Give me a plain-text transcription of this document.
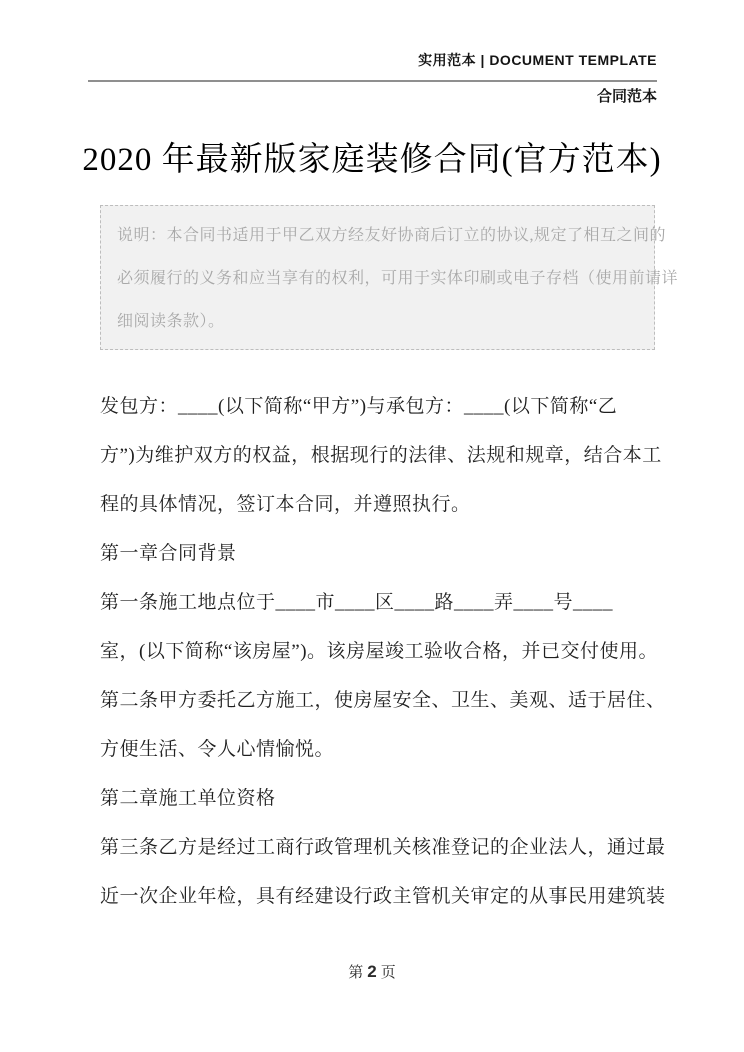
实用范本 | DOCUMENT TEMPLATE
合同范本
2020 年最新版家庭装修合同(官方范本)
说明：本合同书适用于甲乙双方经友好协商后订立的协议,规定了相互之间的
必须履行的义务和应当享有的权利，可用于实体印刷或电子存档（使用前请详
细阅读条款）。
发包方：____(以下简称“甲方”)与承包方：____(以下简称“乙
方”)为维护双方的权益，根据现行的法律、法规和规章，结合本工
程的具体情况，签订本合同，并遵照执行。
第一章合同背景
第一条施工地点位于____市____区____路____弄____号____
室，(以下简称“该房屋”)。该房屋竣工验收合格，并已交付使用。
第二条甲方委托乙方施工，使房屋安全、卫生、美观、适于居住、
方便生活、令人心情愉悦。
第二章施工单位资格
第三条乙方是经过工商行政管理机关核准登记的企业法人，通过最
近一次企业年检，具有经建设行政主管机关审定的从事民用建筑装
第 2 页
